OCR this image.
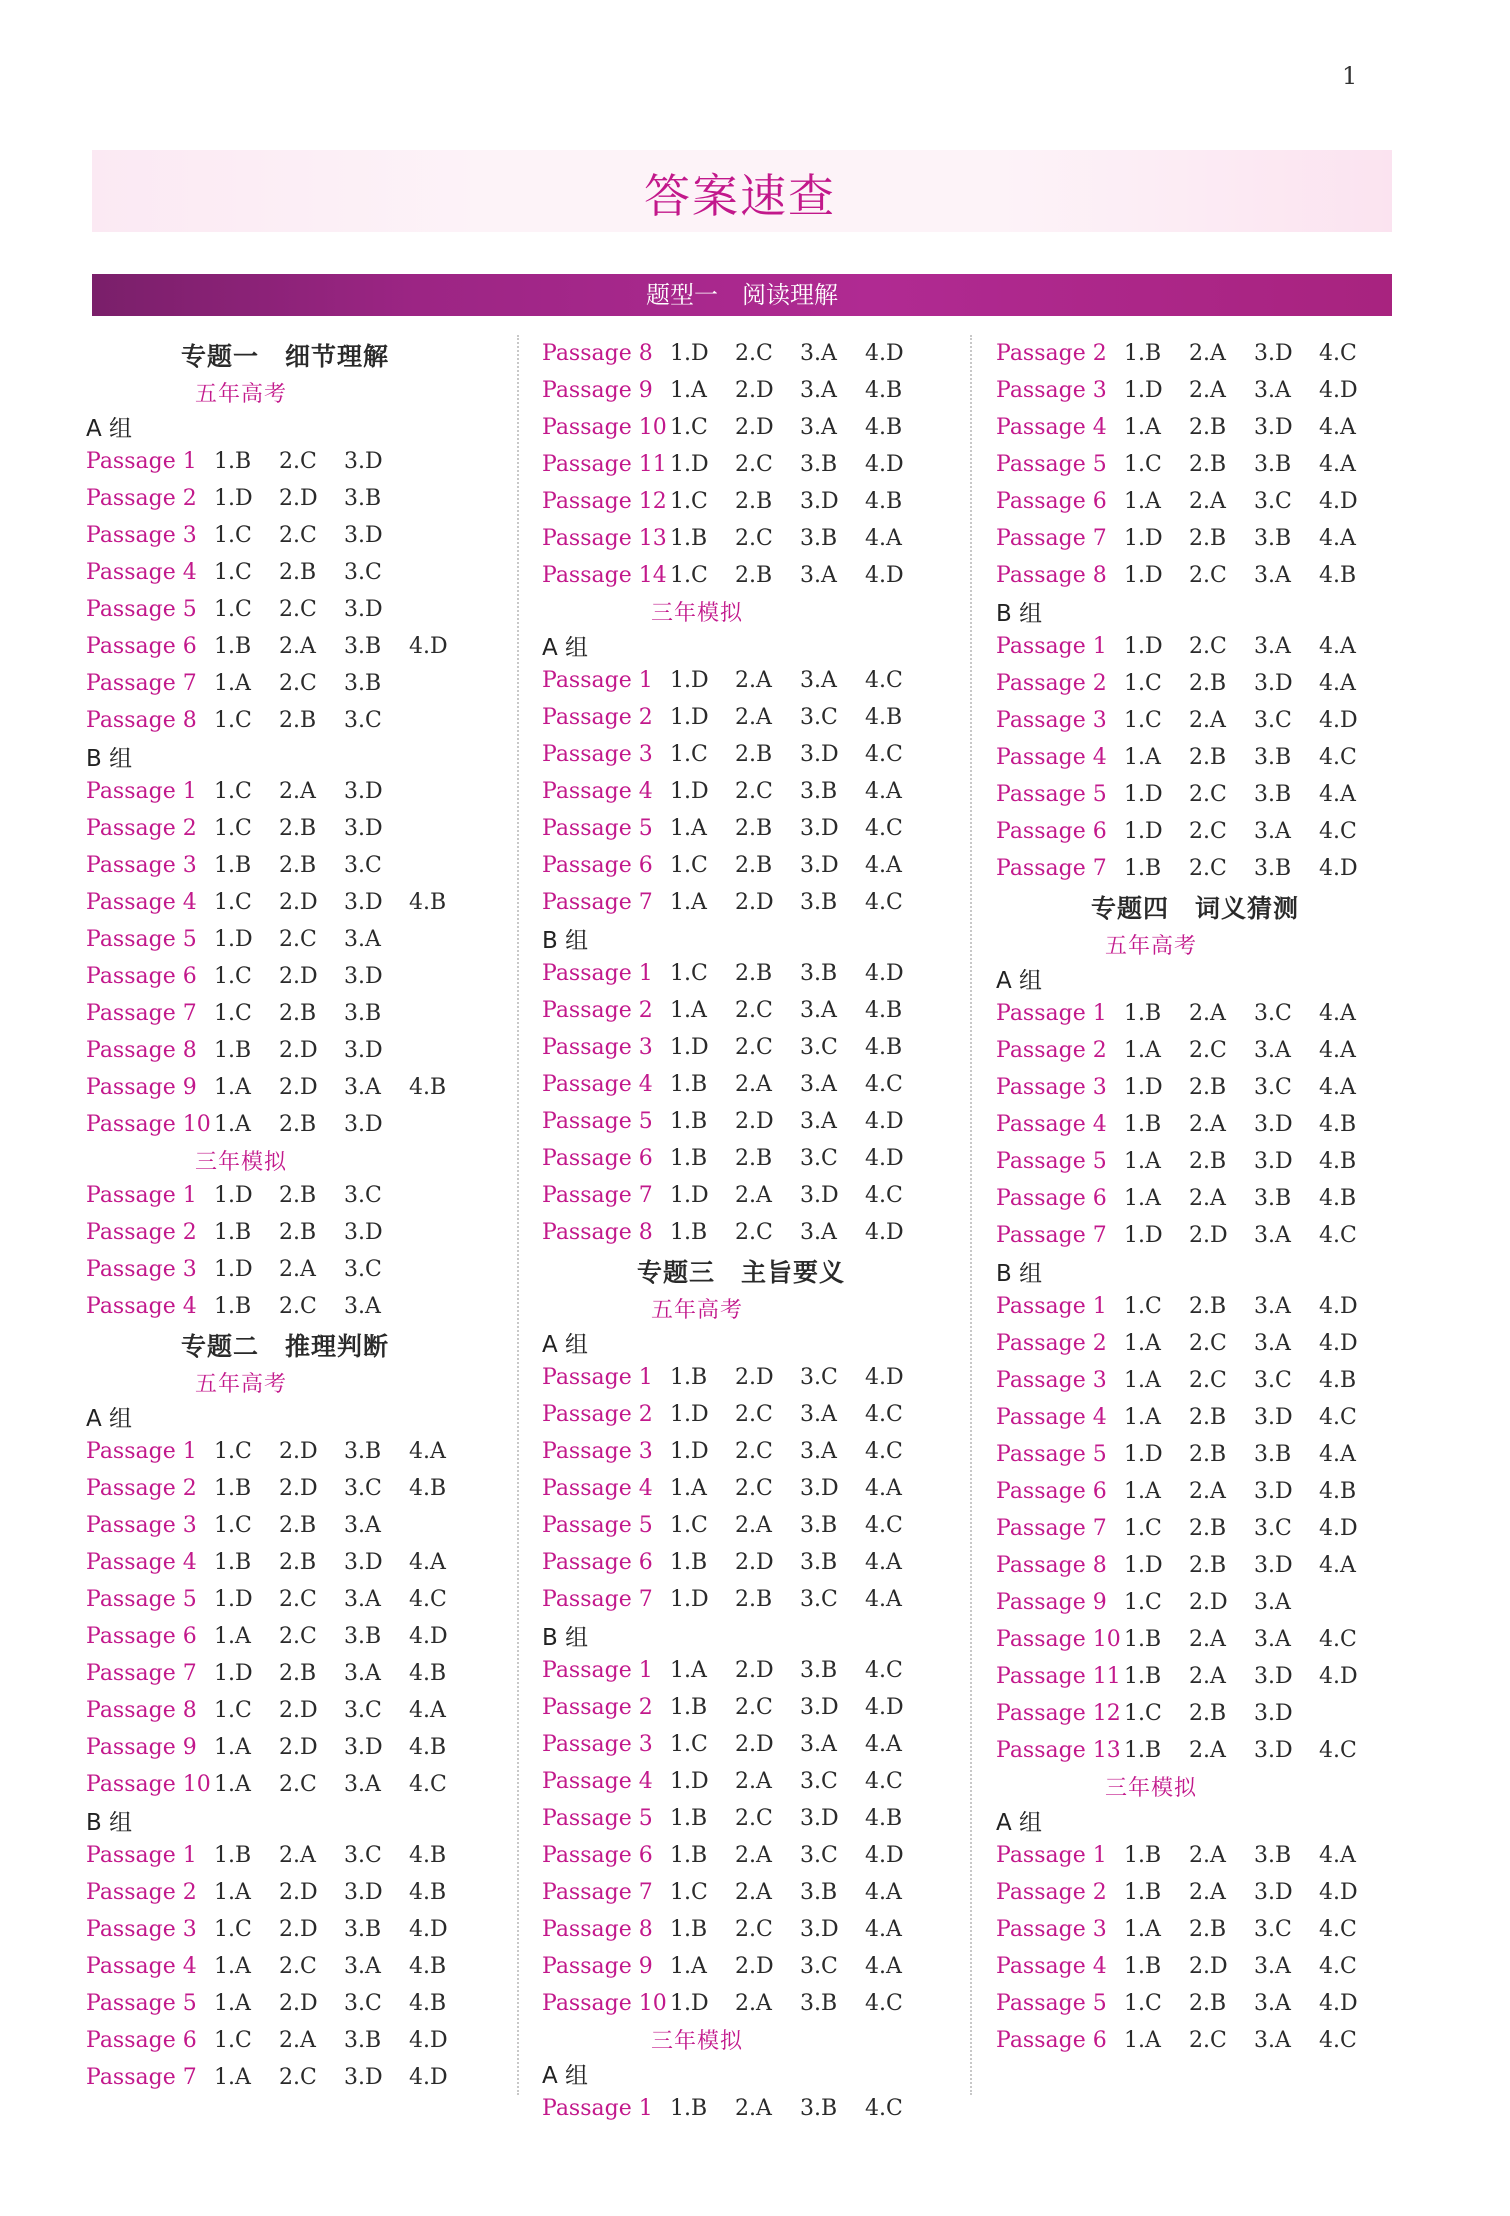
1
答案速查
题型一　阅读理解
专题一　细节理解
五年高考
A 组
Passage 1 1.B	2.C	3.D
Passage 2 1.D	2.D	3.B
Passage 3 1.C	2.C	3.D
Passage 4 1.C	2.B	3.C
Passage 5 1.C	2.C	3.D
Passage 6 1.B	2.A	3.B	4.D
Passage 7 1.A	2.C	3.B
Passage 8 1.C	2.B	3.C
B 组
Passage 1 1.C	2.A	3.D
Passage 2 1.C	2.B	3.D
Passage 3 1.B	2.B	3.C
Passage 4 1.C	2.D	3.D	4.B
Passage 5 1.D	2.C	3.A
Passage 6 1.C	2.D	3.D
Passage 7 1.C	2.B	3.B
Passage 8 1.B	2.D	3.D
Passage 9 1.A	2.D	3.A	4.B
Passage 10 1.A	2.B	3.D
三年模拟
Passage 1 1.D	2.B	3.C
Passage 2 1.B	2.B	3.D
Passage 3 1.D	2.A	3.C
Passage 4 1.B	2.C	3.A
专题二　推理判断
五年高考
A 组
Passage 1 1.C	2.D	3.B	4.A
Passage 2 1.B	2.D	3.C	4.B
Passage 3 1.C	2.B	3.A
Passage 4 1.B	2.B	3.D	4.A
Passage 5 1.D	2.C	3.A	4.C
Passage 6 1.A	2.C	3.B	4.D
Passage 7 1.D	2.B	3.A	4.B
Passage 8 1.C	2.D	3.C	4.A
Passage 9 1.A	2.D	3.D	4.B
Passage 10 1.A	2.C	3.A	4.C
B 组
Passage 1 1.B	2.A	3.C	4.B
Passage 2 1.A	2.D	3.D	4.B
Passage 3 1.C	2.D	3.B	4.D
Passage 4 1.A	2.C	3.A	4.B
Passage 5 1.A	2.D	3.C	4.B
Passage 6 1.C	2.A	3.B	4.D
Passage 7 1.A	2.C	3.D	4.D
Passage 8 1.D	2.C	3.A	4.D
Passage 9 1.A	2.D	3.A	4.B
Passage 10 1.C	2.D	3.A	4.B
Passage 11 1.D	2.C	3.B	4.D
Passage 12 1.C	2.B	3.D	4.B
Passage 13 1.B	2.C	3.B	4.A
Passage 14 1.C	2.B	3.A	4.D
三年模拟
A 组
Passage 1 1.D	2.A	3.A	4.C
Passage 2 1.D	2.A	3.C	4.B
Passage 3 1.C	2.B	3.D	4.C
Passage 4 1.D	2.C	3.B	4.A
Passage 5 1.A	2.B	3.D	4.C
Passage 6 1.C	2.B	3.D	4.A
Passage 7 1.A	2.D	3.B	4.C
B 组
Passage 1 1.C	2.B	3.B	4.D
Passage 2 1.A	2.C	3.A	4.B
Passage 3 1.D	2.C	3.C	4.B
Passage 4 1.B	2.A	3.A	4.C
Passage 5 1.B	2.D	3.A	4.D
Passage 6 1.B	2.B	3.C	4.D
Passage 7 1.D	2.A	3.D	4.C
Passage 8 1.B	2.C	3.A	4.D
专题三　主旨要义
五年高考
A 组
Passage 1 1.B	2.D	3.C	4.D
Passage 2 1.D	2.C	3.A	4.C
Passage 3 1.D	2.C	3.A	4.C
Passage 4 1.A	2.C	3.D	4.A
Passage 5 1.C	2.A	3.B	4.C
Passage 6 1.B	2.D	3.B	4.A
Passage 7 1.D	2.B	3.C	4.A
B 组
Passage 1 1.A	2.D	3.B	4.C
Passage 2 1.B	2.C	3.D	4.D
Passage 3 1.C	2.D	3.A	4.A
Passage 4 1.D	2.A	3.C	4.C
Passage 5 1.B	2.C	3.D	4.B
Passage 6 1.B	2.A	3.C	4.D
Passage 7 1.C	2.A	3.B	4.A
Passage 8 1.B	2.C	3.D	4.A
Passage 9 1.A	2.D	3.C	4.A
Passage 10 1.D	2.A	3.B	4.C
三年模拟
A 组
Passage 1 1.B	2.A	3.B	4.C
Passage 2 1.B	2.A	3.D	4.C
Passage 3 1.D	2.A	3.A	4.D
Passage 4 1.A	2.B	3.D	4.A
Passage 5 1.C	2.B	3.B	4.A
Passage 6 1.A	2.A	3.C	4.D
Passage 7 1.D	2.B	3.B	4.A
Passage 8 1.D	2.C	3.A	4.B
B 组
Passage 1 1.D	2.C	3.A	4.A
Passage 2 1.C	2.B	3.D	4.A
Passage 3 1.C	2.A	3.C	4.D
Passage 4 1.A	2.B	3.B	4.C
Passage 5 1.D	2.C	3.B	4.A
Passage 6 1.D	2.C	3.A	4.C
Passage 7 1.B	2.C	3.B	4.D
专题四　词义猜测
五年高考
A 组
Passage 1 1.B	2.A	3.C	4.A
Passage 2 1.A	2.C	3.A	4.A
Passage 3 1.D	2.B	3.C	4.A
Passage 4 1.B	2.A	3.D	4.B
Passage 5 1.A	2.B	3.D	4.B
Passage 6 1.A	2.A	3.B	4.B
Passage 7 1.D	2.D	3.A	4.C
B 组
Passage 1 1.C	2.B	3.A	4.D
Passage 2 1.A	2.C	3.A	4.D
Passage 3 1.A	2.C	3.C	4.B
Passage 4 1.A	2.B	3.D	4.C
Passage 5 1.D	2.B	3.B	4.A
Passage 6 1.A	2.A	3.D	4.B
Passage 7 1.C	2.B	3.C	4.D
Passage 8 1.D	2.B	3.D	4.A
Passage 9 1.C	2.D	3.A
Passage 10 1.B	2.A	3.A	4.C
Passage 11 1.B	2.A	3.D	4.D
Passage 12 1.C	2.B	3.D
Passage 13 1.B	2.A	3.D	4.C
三年模拟
A 组
Passage 1 1.B	2.A	3.B	4.A
Passage 2 1.B	2.A	3.D	4.D
Passage 3 1.A	2.B	3.C	4.C
Passage 4 1.B	2.D	3.A	4.C
Passage 5 1.C	2.B	3.A	4.D
Passage 6 1.A	2.C	3.A	4.C
